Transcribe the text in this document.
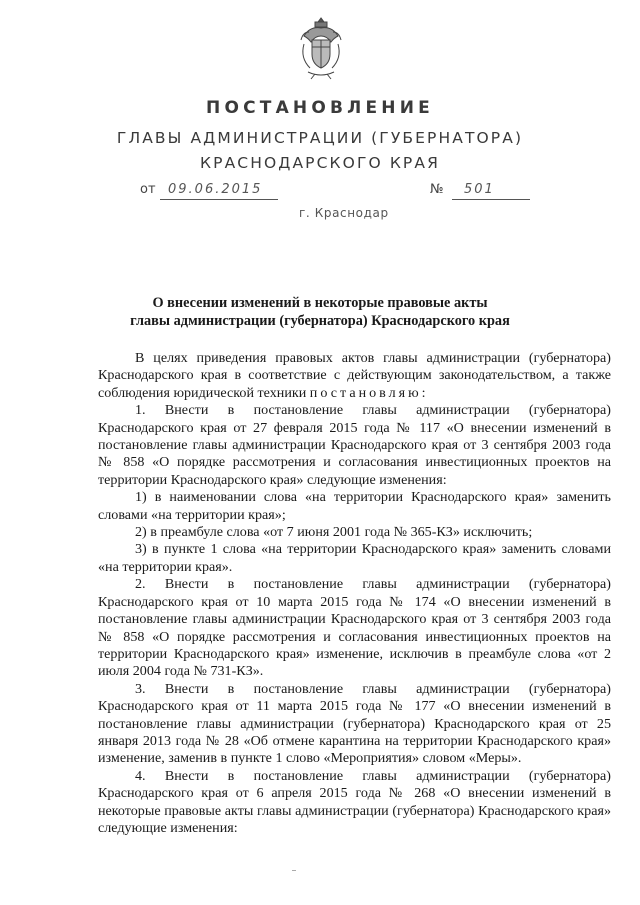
ПОСТАНОВЛЕНИЕ
ГЛАВЫ АДМИНИСТРАЦИИ (ГУБЕРНАТОРА)
КРАСНОДАРСКОГО КРАЯ
от 09.06.2015	№ 501
г. Краснодар
О внесении изменений в некоторые правовые акты
главы администрации (губернатора) Краснодарского края

В целях приведения правовых актов главы администрации (губернатора) Краснодарского края в соответствие с действующим законодательством, а также соблюдения юридической техники постановляю:

1. Внести в постановление главы администрации (губернатора) Краснодарского края от 27 февраля 2015 года № 117 «О внесении изменений в постановление главы администрации Краснодарского края от 3 сентября 2003 года № 858 «О порядке рассмотрения и согласования инвестиционных проектов на территории Краснодарского края» следующие изменения:

1) в наименовании слова «на территории Краснодарского края» заменить словами «на территории края»;

2) в преамбуле слова «от 7 июня 2001 года № 365-КЗ» исключить;

3) в пункте 1 слова «на территории Краснодарского края» заменить словами «на территории края».

2. Внести в постановление главы администрации (губернатора) Краснодарского края от 10 марта 2015 года № 174 «О внесении изменений в постановление главы администрации Краснодарского края от 3 сентября 2003 года № 858 «О порядке рассмотрения и согласования инвестиционных проектов на территории Краснодарского края» изменение, исключив в преамбуле слова «от 2 июля 2004 года № 731-КЗ».

3. Внести в постановление главы администрации (губернатора) Краснодарского края от 11 марта 2015 года № 177 «О внесении изменений в постановление главы администрации (губернатора) Краснодарского края от 25 января 2013 года № 28 «Об отмене карантина на территории Краснодарского края» изменение, заменив в пункте 1 слово «Мероприятия» словом «Меры».

4. Внести в постановление главы администрации (губернатора) Краснодарского края от 6 апреля 2015 года № 268 «О внесении изменений в некоторые правовые акты главы администрации (губернатора) Краснодарского края» следующие изменения:
